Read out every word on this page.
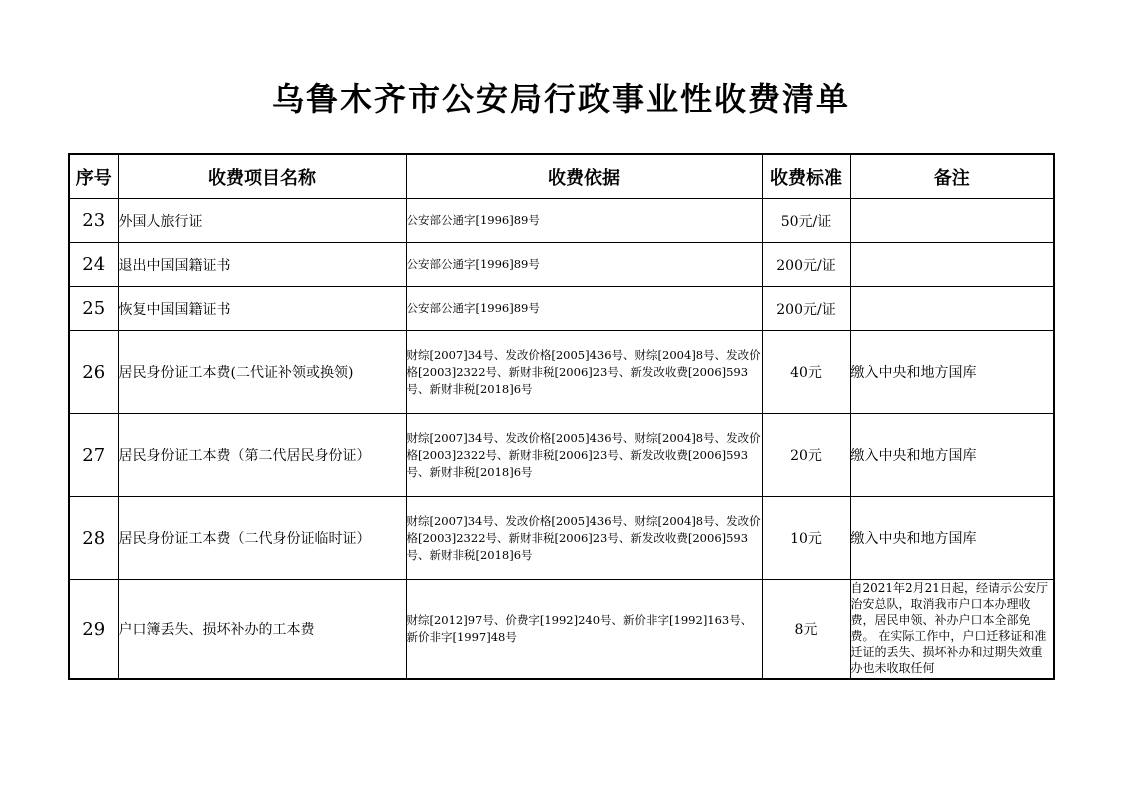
乌鲁木齐市公安局行政事业性收费清单
序号	收费项目名称	收费依据	收费标准	备注
23	外国人旅行证	公安部公通字[1996]89号	50元/证	
24	退出中国国籍证书	公安部公通字[1996]89号	200元/证	
25	恢复中国国籍证书	公安部公通字[1996]89号	200元/证	
26	居民身份证工本费(二代证补领或换领)	财综[2007]34号、发改价格[2005]436号、财综[2004]8号、发改价格[2003]2322号、新财非税[2006]23号、新发改收费[2006]593号、新财非税[2018]6号	40元	缴入中央和地方国库
27	居民身份证工本费（第二代居民身份证）	财综[2007]34号、发改价格[2005]436号、财综[2004]8号、发改价格[2003]2322号、新财非税[2006]23号、新发改收费[2006]593号、新财非税[2018]6号	20元	缴入中央和地方国库
28	居民身份证工本费（二代身份证临时证）	财综[2007]34号、发改价格[2005]436号、财综[2004]8号、发改价格[2003]2322号、新财非税[2006]23号、新发改收费[2006]593号、新财非税[2018]6号	10元	缴入中央和地方国库
29	户口簿丢失、损坏补办的工本费	财综[2012]97号、价费字[1992]240号、新价非字[1992]163号、新价非字[1997]48号	8元	自2021年2月21日起，经请示公安厅治安总队，取消我市户口本办理收费，居民申领、补办户口本全部免费。 在实际工作中，户口迁移证和准迁证的丢失、损坏补办和过期失效重办也未收取任何
